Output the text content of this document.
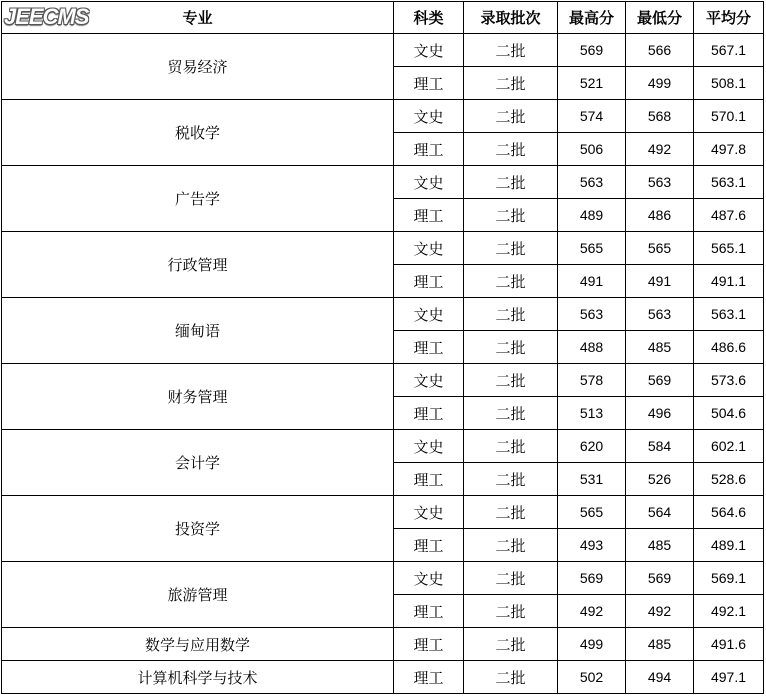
JEECMS 专业	科类	录取批次	最高分	最低分	平均分
贸易经济	文史	二批	569	566	567.1
	理工	二批	521	499	508.1
税收学	文史	二批	574	568	570.1
	理工	二批	506	492	497.8
广告学	文史	二批	563	563	563.1
	理工	二批	489	486	487.6
行政管理	文史	二批	565	565	565.1
	理工	二批	491	491	491.1
缅甸语	文史	二批	563	563	563.1
	理工	二批	488	485	486.6
财务管理	文史	二批	578	569	573.6
	理工	二批	513	496	504.6
会计学	文史	二批	620	584	602.1
	理工	二批	531	526	528.6
投资学	文史	二批	565	564	564.6
	理工	二批	493	485	489.1
旅游管理	文史	二批	569	569	569.1
	理工	二批	492	492	492.1
数学与应用数学	理工	二批	499	485	491.6
计算机科学与技术	理工	二批	502	494	497.1
